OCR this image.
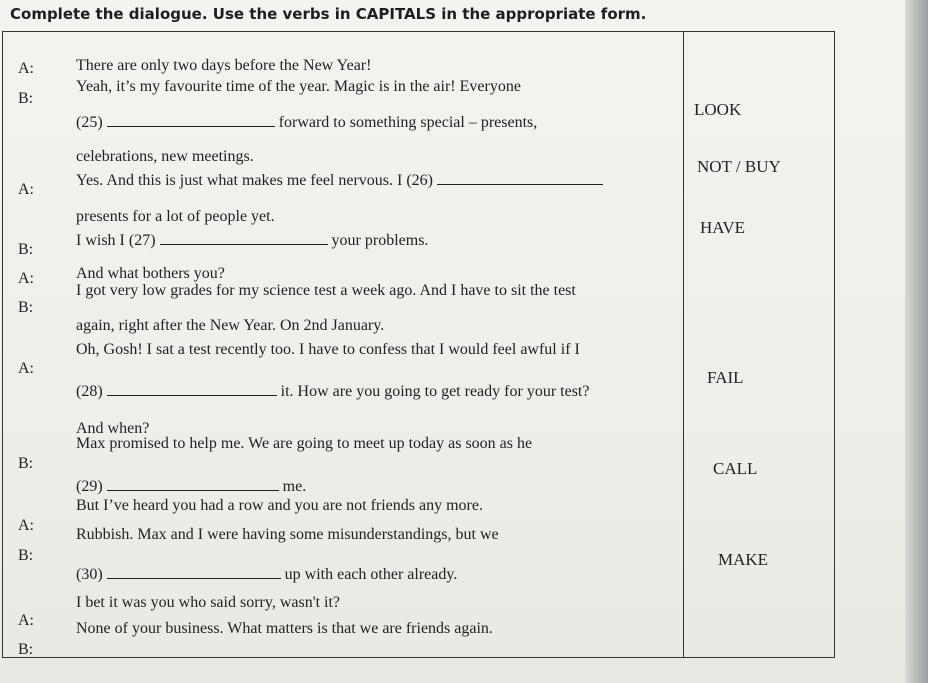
Complete the dialogue. Use the verbs in CAPITALS in the appropriate form.
A:
B:
A:
B:
A:
B:
A:
B:
A:
B:
A:
B:
There are only two days before the New Year!
Yeah, it’s my favourite time of the year. Magic is in the air! Everyone
(25)	forward to something special – presents,
celebrations, new meetings.
Yes. And this is just what makes me feel nervous. I (26)
presents for a lot of people yet.
I wish I (27)	your problems.
And what bothers you?
I got very low grades for my science test a week ago. And I have to sit the test
again, right after the New Year. On 2nd January.
Oh, Gosh! I sat a test recently too. I have to confess that I would feel awful if I
(28)	it. How are you going to get ready for your test?
And when?
Max promised to help me. We are going to meet up today as soon as he
(29)	me.
But I’ve heard you had a row and you are not friends any more.
Rubbish. Max and I were having some misunderstandings, but we
(30)	up with each other already.
I bet it was you who said sorry, wasn't it?
None of your business. What matters is that we are friends again.
LOOK
NOT / BUY
HAVE
FAIL
CALL
MAKE
